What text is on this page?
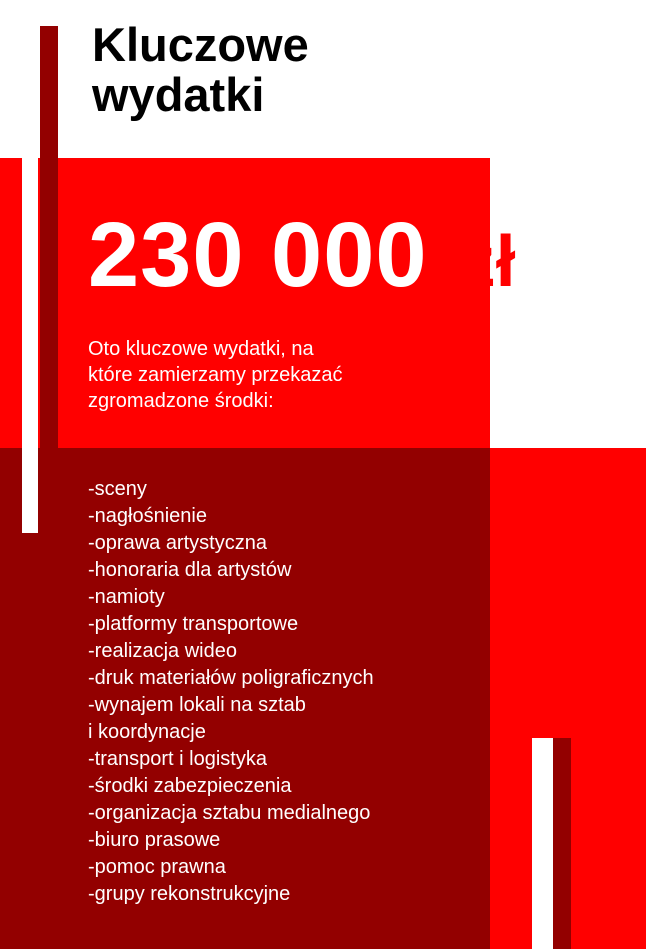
Kluczowe
wydatki
230 000 zł

Oto kluczowe wydatki, na
które zamierzamy przekazać
zgromadzone środki:

-sceny
-nagłośnienie
-oprawa artystyczna
-honoraria dla artystów
-namioty
-platformy transportowe
-realizacja wideo
-druk materiałów poligraficznych
-wynajem lokali na sztab
i koordynacje
-transport i logistyka
-środki zabezpieczenia
-organizacja sztabu medialnego
-biuro prasowe
-pomoc prawna
-grupy rekonstrukcyjne
